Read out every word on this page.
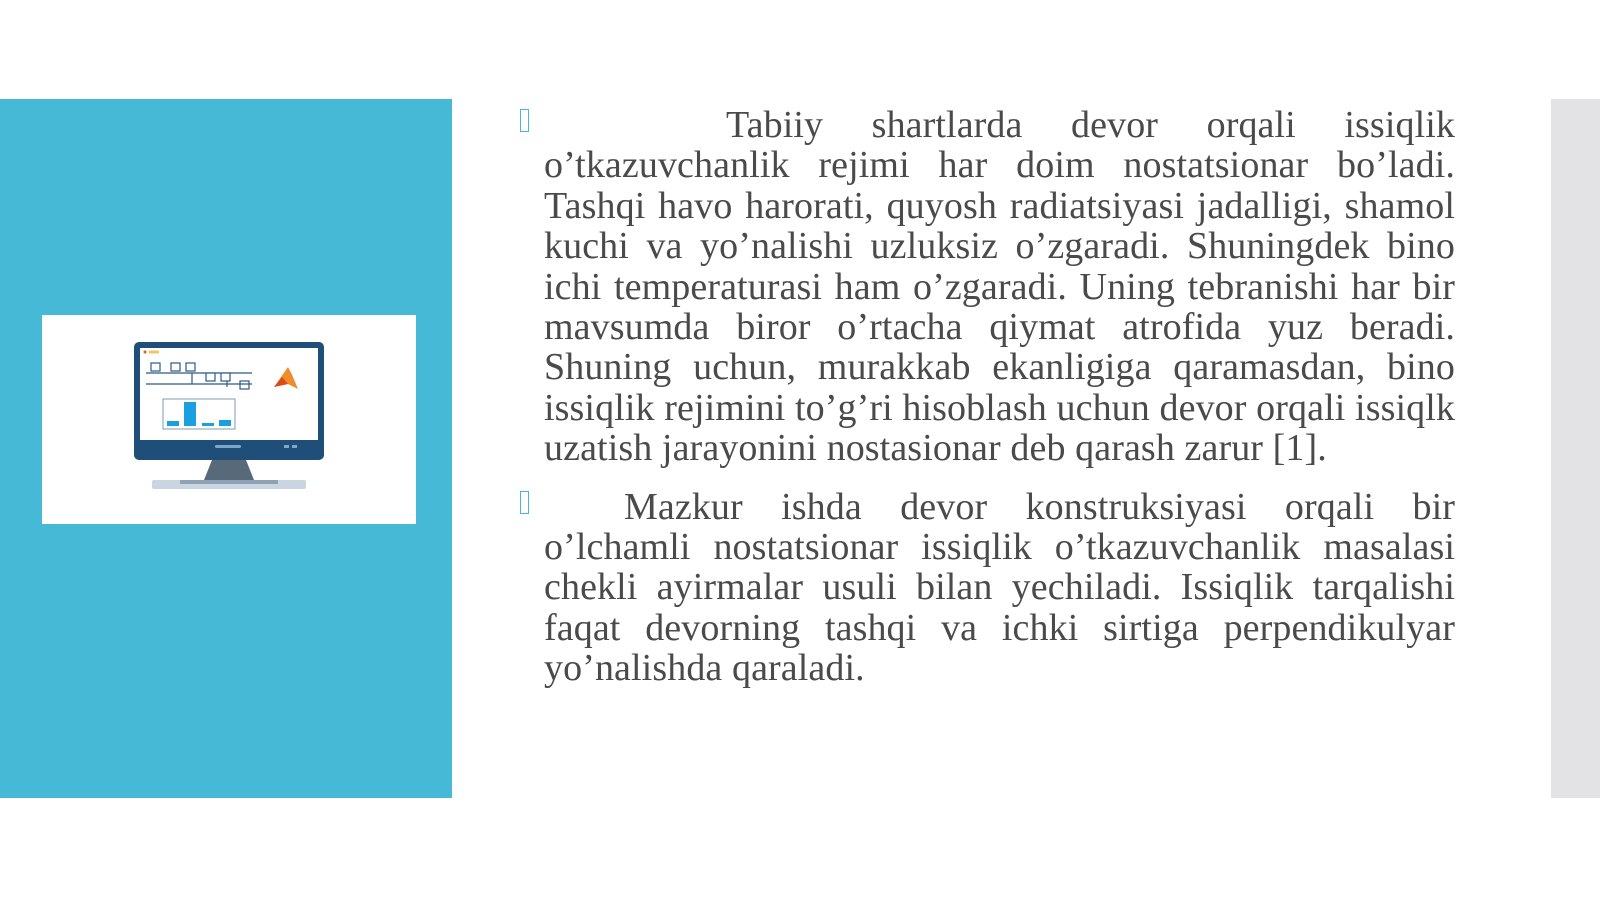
Tabiiy shartlarda devor orqali issiqlik o’tkazuvchanlik rejimi har doim nostatsionar bo’ladi. Tashqi havo harorati, quyosh radiatsiyasi jadalligi, shamol kuchi va yo’nalishi uzluksiz o’zgaradi. Shuningdek bino ichi temperaturasi ham o’zgaradi. Uning tebranishi har bir mavsumda biror o’rtacha qiymat atrofida yuz beradi. Shuning uchun, murakkab ekanligiga qaramasdan, bino issiqlik rejimini to’g’ri hisoblash uchun devor orqali issiqlk uzatish jarayonini nostasionar deb qarash zarur [1].
Mazkur ishda devor konstruksiyasi orqali bir o’lchamli nostatsionar issiqlik o’tkazuvchanlik masalasi chekli ayirmalar usuli bilan yechiladi. Issiqlik tarqalishi faqat devorning tashqi va ichki sirtiga perpendikulyar yo’nalishda qaraladi.
